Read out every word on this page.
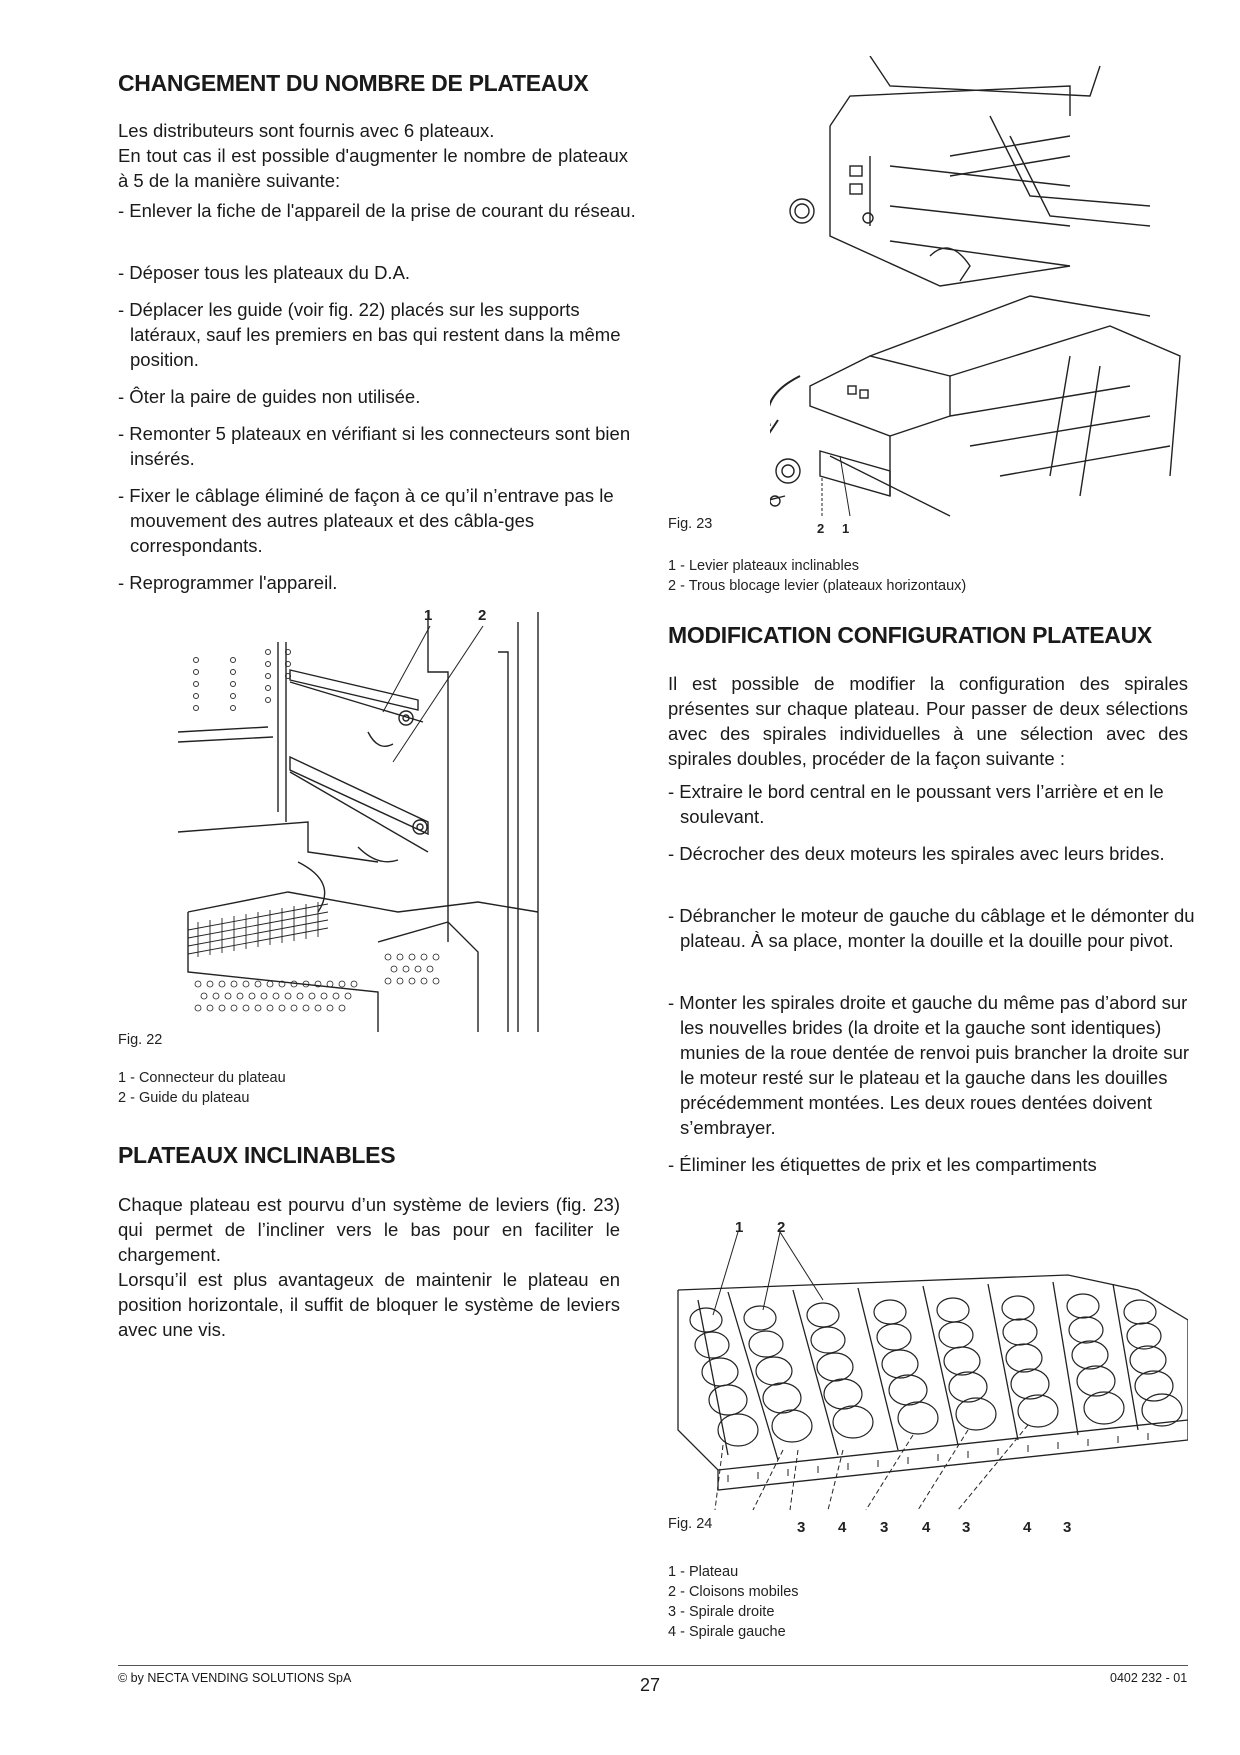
CHANGEMENT DU NOMBRE DE PLATEAUX

Les distributeurs sont fournis avec 6 plateaux.

En tout cas il est possible d'augmenter le nombre de plateaux à 5 de la manière suivante:

- Enlever la fiche de l'appareil de la prise de courant du réseau.

- Déposer tous les plateaux du D.A.

- Déplacer les guide (voir fig. 22) placés sur les supports latéraux, sauf les premiers en bas qui restent dans la même position.

- Ôter la paire de guides non utilisée.

- Remonter 5 plateaux en vérifiant si les connecteurs sont bien insérés.

- Fixer le câblage éliminé de façon à ce qu’il n’entrave pas le mouvement des autres plateaux et des câbla-ges correspondants.

- Reprogrammer l'appareil.

1	2
Fig. 22
1 - Connecteur du plateau
2 - Guide du plateau
PLATEAUX INCLINABLES

Chaque plateau est pourvu d’un système de leviers (fig. 23) qui permet de l’incliner vers le bas pour en faciliter le chargement.

Lorsqu’il est plus avantageux de maintenir le plateau en position horizontale, il suffit de bloquer le système de leviers avec une vis.

2 1
Fig. 23
1 - Levier plateaux inclinables
2 - Trous blocage levier (plateaux horizontaux)
MODIFICATION CONFIGURATION PLATEAUX

Il est possible de modifier la configuration des spirales présentes sur chaque plateau. Pour passer de deux sélections avec des spirales individuelles à une sélection avec des spirales doubles, procéder de la façon suivante :

- Extraire le bord central en le poussant vers l’arrière et en le soulevant.

- Décrocher des deux moteurs les spirales avec leurs brides.

- Débrancher le moteur de gauche du câblage et le démonter du plateau. À sa place, monter la douille et la douille pour pivot.

- Monter les spirales droite et gauche du même pas d’abord sur les nouvelles brides (la droite et la gauche sont identiques) munies de la roue dentée de renvoi puis brancher la droite sur le moteur resté sur le plateau et la gauche dans les douilles précédemment montées. Les deux roues dentées doivent s’embrayer.

- Éliminer les étiquettes de prix et les compartiments

1 2
Fig. 24	3 4 3 4 3	4 3
1 - Plateau
2 - Cloisons mobiles
3 - Spirale droite
4 - Spirale gauche
© by NECTA VENDING SOLUTIONS SpA	27	0402 232 - 01
